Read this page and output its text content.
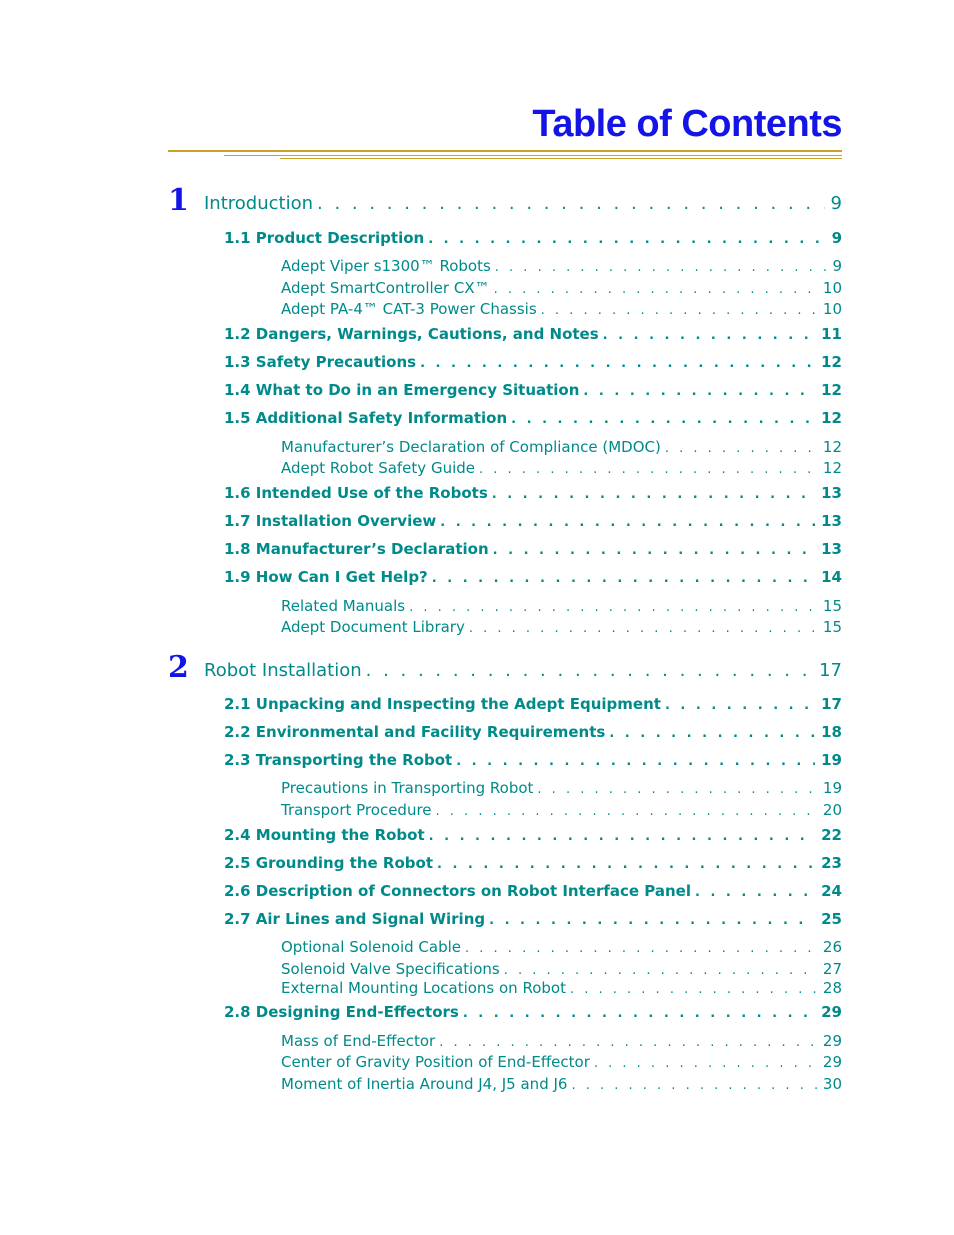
Table of Contents
1 Introduction . . .	9
1.1 Product Description . . .	9
Adept Viper s1300™ Robots . . .	9
Adept SmartController CX™ . . .	10
Adept PA-4™ CAT-3 Power Chassis . . .	10
1.2 Dangers, Warnings, Cautions, and Notes . . .	11
1.3 Safety Precautions . . .	12
1.4 What to Do in an Emergency Situation . . .	12
1.5 Additional Safety Information . . .	12
Manufacturer’s Declaration of Compliance (MDOC) . . .	12
Adept Robot Safety Guide . . .	12
1.6 Intended Use of the Robots . . .	13
1.7 Installation Overview . . .	13
1.8 Manufacturer’s Declaration . . .	13
1.9 How Can I Get Help? . . .	14
Related Manuals . . .	15
Adept Document Library . . .	15
2 Robot Installation . . .	17
2.1 Unpacking and Inspecting the Adept Equipment . . .	17
2.2 Environmental and Facility Requirements . . .	18
2.3 Transporting the Robot . . .	19
Precautions in Transporting Robot . . .	19
Transport Procedure . . .	20
2.4 Mounting the Robot . . .	22
2.5 Grounding the Robot . . .	23
2.6 Description of Connectors on Robot Interface Panel . . .	24
2.7 Air Lines and Signal Wiring . . .	25
Optional Solenoid Cable . . .	26
Solenoid Valve Specifications . . .	27
External Mounting Locations on Robot . . .	28
2.8 Designing End-Effectors . . .	29
Mass of End-Effector . . .	29
Center of Gravity Position of End-Effector . . .	29
Moment of Inertia Around J4, J5 and J6 . . .	30
